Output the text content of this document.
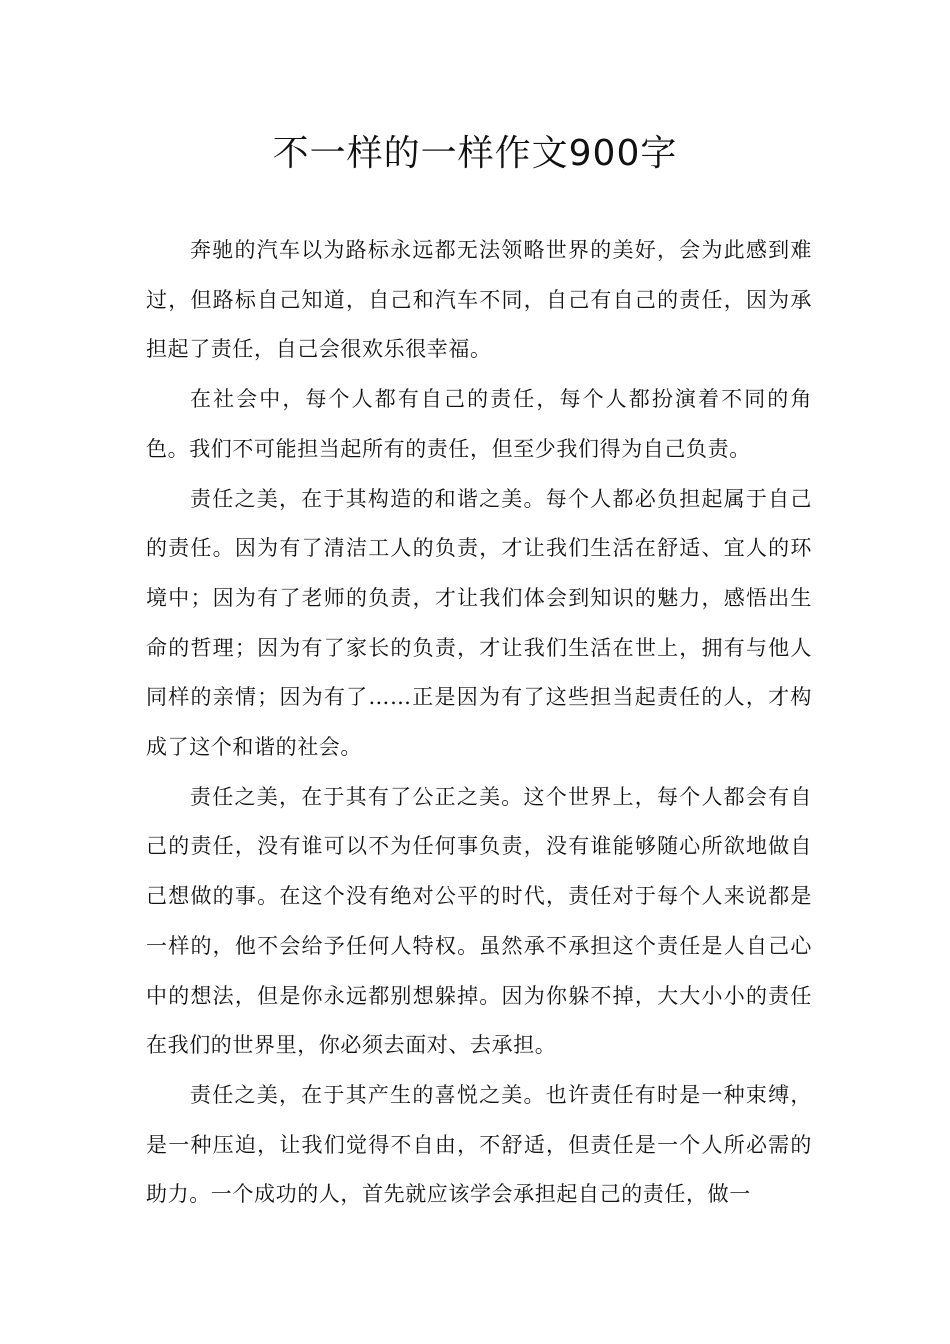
不一样的一样作文900字

奔驰的汽车以为路标永远都无法领略世界的美好，会为此感到难过，但路标自己知道，自己和汽车不同，自己有自己的责任，因为承担起了责任，自己会很欢乐很幸福。

在社会中，每个人都有自己的责任，每个人都扮演着不同的角色。我们不可能担当起所有的责任，但至少我们得为自己负责。

责任之美，在于其构造的和谐之美。每个人都必负担起属于自己的责任。因为有了清洁工人的负责，才让我们生活在舒适、宜人的环境中；因为有了老师的负责，才让我们体会到知识的魅力，感悟出生命的哲理；因为有了家长的负责，才让我们生活在世上，拥有与他人同样的亲情；因为有了……正是因为有了这些担当起责任的人，才构成了这个和谐的社会。

责任之美，在于其有了公正之美。这个世界上，每个人都会有自己的责任，没有谁可以不为任何事负责，没有谁能够随心所欲地做自己想做的事。在这个没有绝对公平的时代，责任对于每个人来说都是一样的，他不会给予任何人特权。虽然承不承担这个责任是人自己心中的想法，但是你永远都别想躲掉。因为你躲不掉，大大小小的责任在我们的世界里，你必须去面对、去承担。

责任之美，在于其产生的喜悦之美。也许责任有时是一种束缚，是一种压迫，让我们觉得不自由，不舒适，但责任是一个人所必需的助力。一个成功的人，首先就应该学会承担起自己的责任，做一
